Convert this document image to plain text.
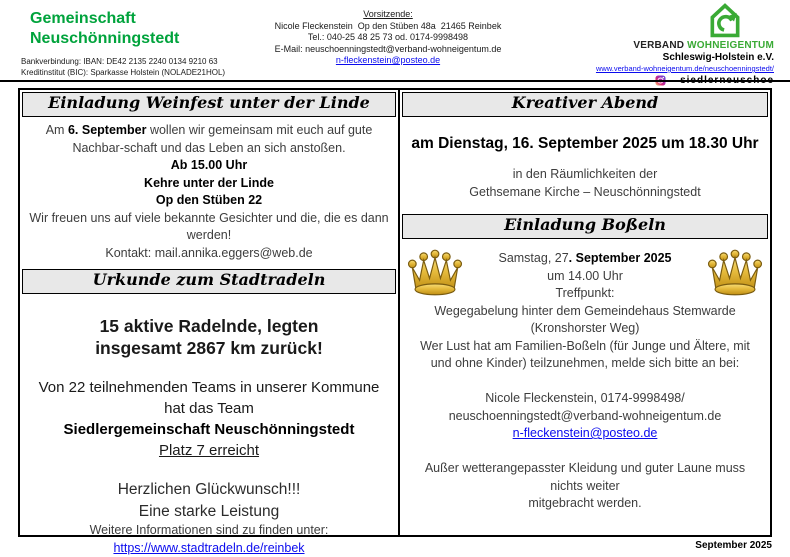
Gemeinschaft
Neuschönningstedt
Bankverbindung: IBAN: DE42 2135 2240 0134 9210 63
Kreditinstitut (BIC): Sparkasse Holstein (NOLADE21HOL)
Vorsitzende:
Nicole Fleckenstein  Op den Stüben 48a  21465 Reinbek
Tel.: 040-25 48 25 73 od. 0174-9998498
E-Mail: neuschoenningstedt@verband-wohneigentum.de
n-fleckenstein@posteo.de
VERBAND WOHNEIGENTUM
Schleswig-Holstein e.V.
www.verband-wohneigentum.de/neuschoenningstedt/
Einladung Weinfest unter der Linde

Am 6. September wollen wir gemeinsam mit euch auf gute Nachbar-schaft und das Leben an sich anstoßen.

Ab 15.00 Uhr
Kehre unter der Linde
Op den Stüben 22

Wir freuen uns auf viele bekannte Gesichter und die, die es dann werden!

Kontakt: mail.annika.eggers@web.de
Urkunde zum Stadtradeln
15 aktive Radelnde, legten
insgesamt 2867 km zurück!
Von 22 teilnehmenden Teams in unserer Kommune
hat das Team
Siedlergemeinschaft Neuschönningstedt
Platz 7 erreicht
Herzlichen Glückwunsch!!!
Eine starke Leistung
Weitere Informationen sind zu finden unter:
https://www.stadtradeln.de/reinbek
Kreativer Abend
am Dienstag, 16. September 2025 um 18.30 Uhr
in den Räumlichkeiten der
Gethsemane Kirche – Neuschönningstedt
Einladung Boßeln
Samstag, 27. September 2025
um 14.00 Uhr
Treffpunkt:
Wegegabelung hinter dem Gemeindehaus Stemwarde
(Kronshorster Weg)

Wer Lust hat am Familien-Boßeln (für Junge und Ältere, mit und ohne Kinder) teilzunehmen, melde sich bitte an bei:

Nicole Fleckenstein, 0174-9998498/
neuschoenningstedt@verband-wohneigentum.de
n-fleckenstein@posteo.de
Außer wetterangepasster Kleidung und guter Laune muss
nichts weiter
mitgebracht werden.
September 2025
